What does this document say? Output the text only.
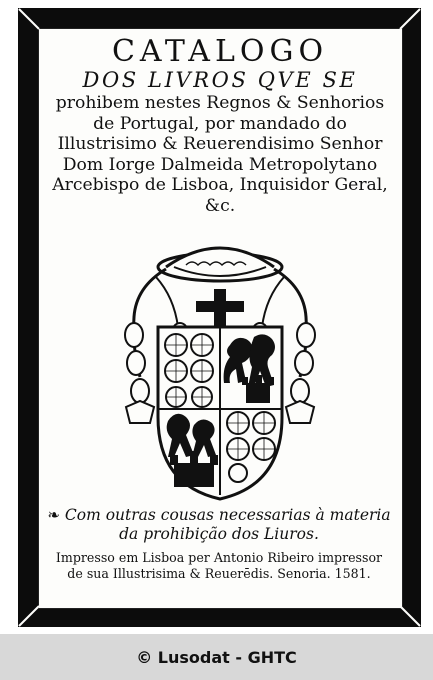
CATALOGO
DOS LIVROS QVE SE

prohibem nestes Regnos & Senhorios de Portugal, por mandado do Illustrisimo & Reuerendisimo Senhor Dom Iorge Dalmeida Metropolytano Arcebispo de Lisboa, Inquisidor Geral, &c.

❧ Com outras cousas necessarias à materia da prohibição dos Liuros.
Impresso em Lisboa per Antonio Ribeiro impressor
de sua Illustrisima & Reuerēdis. Senoria. 1581.
© Lusodat - GHTC
